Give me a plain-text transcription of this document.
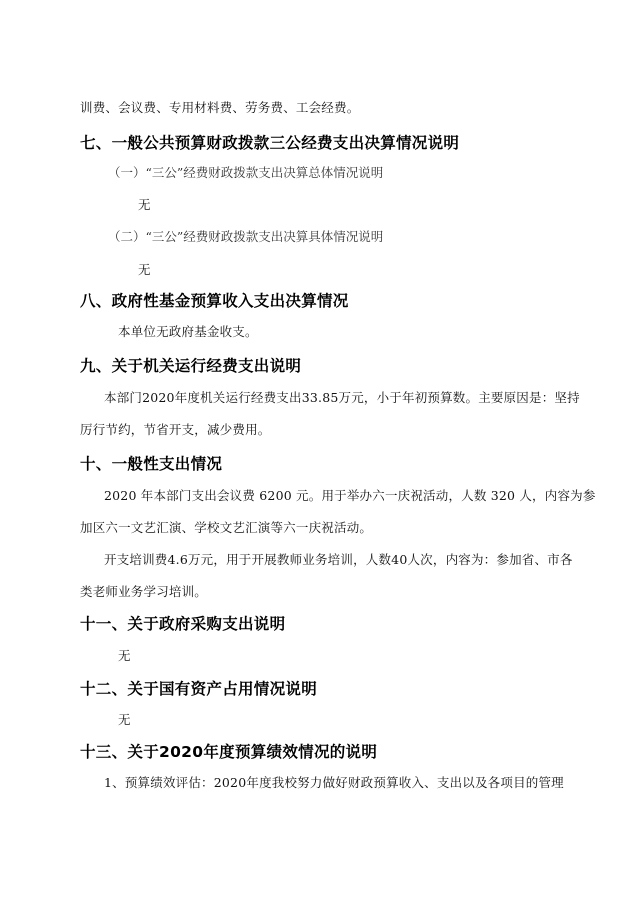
训费、会议费、专用材料费、劳务费、工会经费。
七、一般公共预算财政拨款三公经费支出决算情况说明
（一）“三公”经费财政拨款支出决算总体情况说明
无
（二）“三公”经费财政拨款支出决算具体情况说明
无
八、政府性基金预算收入支出决算情况
本单位无政府基金收支。
九、关于机关运行经费支出说明
本部门2020年度机关运行经费支出33.85万元，小于年初预算数。主要原因是：坚持
厉行节约，节省开支，减少费用。
十、一般性支出情况
2020 年本部门支出会议费 6200 元。用于举办六一庆祝活动，人数 320 人，内容为参
加区六一文艺汇演、学校文艺汇演等六一庆祝活动。
开支培训费4.6万元，用于开展教师业务培训，人数40人次，内容为：参加省、市各
类老师业务学习培训。
十一、关于政府采购支出说明
无
十二、关于国有资产占用情况说明
无
十三、关于2020年度预算绩效情况的说明
1、预算绩效评估：2020年度我校努力做好财政预算收入、支出以及各项目的管理
